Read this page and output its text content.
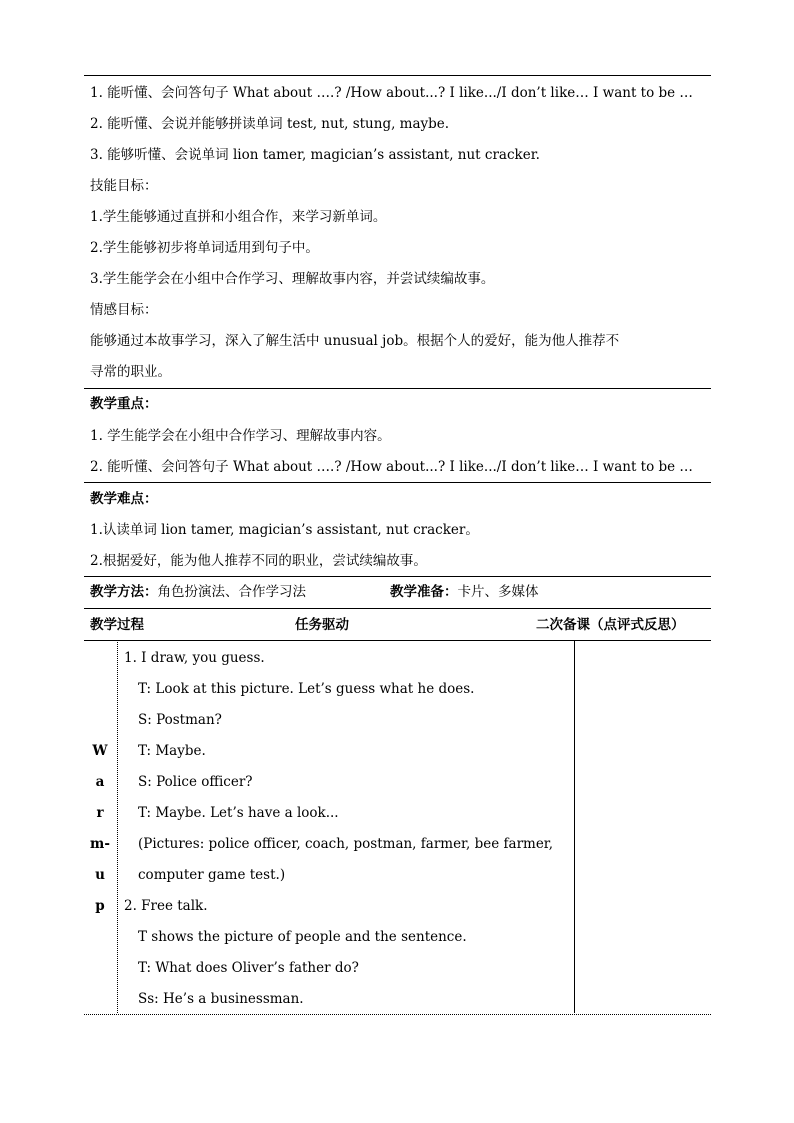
1. 能听懂、会问答句子 What about ….? /How about...? I like.../I don’t like… I want to be …
2. 能听懂、会说并能够拼读单词 test, nut, stung, maybe.
3. 能够听懂、会说单词 lion tamer, magician’s assistant, nut cracker.
技能目标：
1.学生能够通过直拼和小组合作，来学习新单词。
2.学生能够初步将单词适用到句子中。
3.学生能学会在小组中合作学习、理解故事内容，并尝试续编故事。
情感目标：
能够通过本故事学习，深入了解生活中 unusual job。根据个人的爱好，能为他人推荐不
寻常的职业。
教学重点：
1. 学生能学会在小组中合作学习、理解故事内容。
2. 能听懂、会问答句子 What about ….? /How about...? I like.../I don’t like… I want to be …
教学难点：
1.认读单词 lion tamer, magician’s assistant, nut cracker。
2.根据爱好，能为他人推荐不同的职业，尝试续编故事。
教学方法：角色扮演法、合作学习法	教学准备：卡片、多媒体
教学过程	任务驱动	二次备课（点评式反思）
W
a
r
m-
u
p
1. I draw, you guess.
T: Look at this picture. Let’s guess what he does.
S: Postman?
T: Maybe.
S: Police officer?
T: Maybe. Let’s have a look...
(Pictures: police officer, coach, postman, farmer, bee farmer,
computer game test.)
2. Free talk.
T shows the picture of people and the sentence.
T: What does Oliver’s father do?
Ss: He’s a businessman.
